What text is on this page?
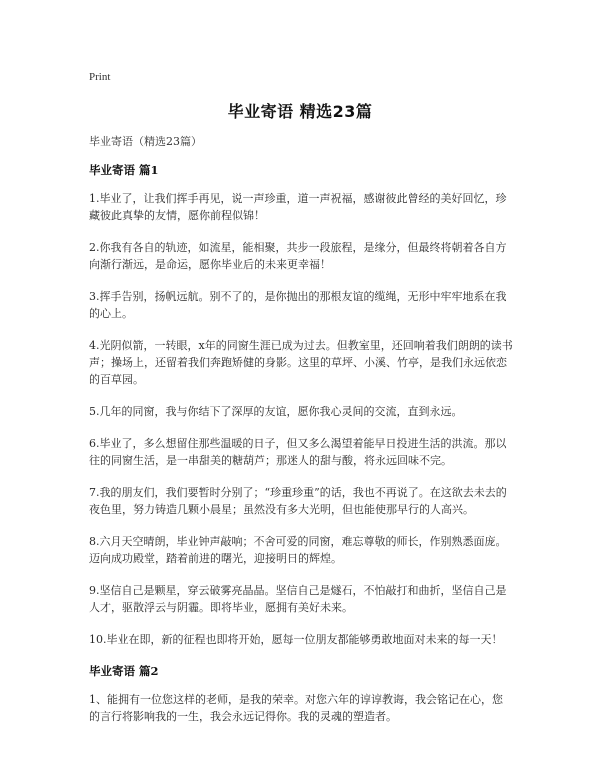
Print
毕业寄语 精选23篇
毕业寄语（精选23篇）
毕业寄语 篇1

1.毕业了，让我们挥手再见，说一声珍重，道一声祝福，感谢彼此曾经的美好回忆，珍藏彼此真挚的友情，愿你前程似锦！

2.你我有各自的轨迹，如流星，能相聚，共步一段旅程，是缘分，但最终将朝着各自方向渐行渐远，是命运，愿你毕业后的未来更幸福！

3.挥手告别，扬帆远航。别不了的，是你抛出的那根友谊的缆绳，无形中牢牢地系在我的心上。

4.光阴似箭，一转眼，x年的同窗生涯已成为过去。但教室里，还回响着我们朗朗的读书声；操场上，还留着我们奔跑矫健的身影。这里的草坪、小溪、竹亭，是我们永远依恋的百草园。

5.几年的同窗，我与你结下了深厚的友谊，愿你我心灵间的交流，直到永远。

6.毕业了，多么想留住那些温暖的日子，但又多么渴望着能早日投进生活的洪流。那以往的同窗生活，是一串甜美的糖葫芦；那迷人的甜与酸，将永远回味不完。

7.我的朋友们，我们要暂时分别了；“珍重珍重”的话，我也不再说了。在这欲去未去的夜色里，努力铸造几颗小晨星；虽然没有多大光明，但也能使那早行的人高兴。

8.六月天空晴朗，毕业钟声敲响；不舍可爱的同窗，难忘尊敬的师长，作别熟悉面庞。迈向成功殿堂，踏着前进的曙光，迎接明日的辉煌。

9.坚信自己是颗星，穿云破雾亮晶晶。坚信自己是燧石，不怕敲打和曲折，坚信自己是人才，驱散浮云与阴霾。即将毕业，愿拥有美好未来。

10.毕业在即，新的征程也即将开始，愿每一位朋友都能够勇敢地面对未来的每一天！

毕业寄语 篇2

1、能拥有一位您这样的老师，是我的荣幸。对您六年的谆谆教诲，我会铭记在心，您的言行将影响我的一生，我会永远记得你。我的灵魂的塑造者。
